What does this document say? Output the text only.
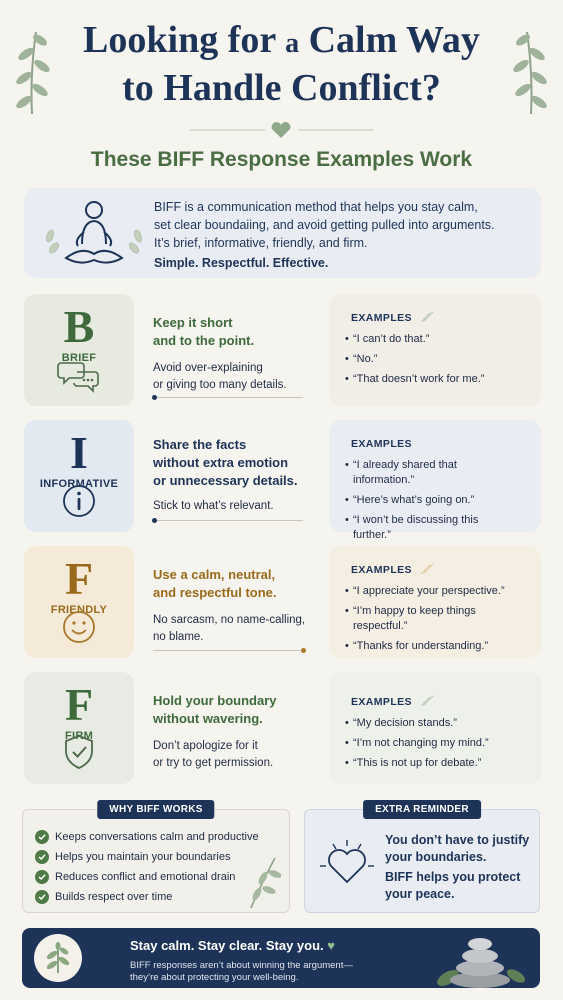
Looking for a Calm Way
to Handle Conflict?
These BIFF Response Examples Work
BIFF is a communication method that helps you stay calm,
set clear boundaiing, and avoid getting pulled into arguments.
It’s brief, informative, friendly, and firm.
Simple. Respectful. Effective.
B
BRIEF
Keep it short
and to the point.
Avoid over-explaining
or giving too many details.
EXAMPLES
• “I can’t do that.”
• “No.”
• “That doesn’t work for me.”
I
INFORMATIVE
Share the facts
without extra emotion
or unnecessary details.
Stick to what’s relevant.
EXAMPLES
• “I already shared that information.”
• “Here’s what’s going on.”
• “I won’t be discussing this further.”
F
FRIENDLY
Use a calm, neutral,
and respectful tone.
No sarcasm, no name-calling,
no blame.
EXAMPLES
• “I appreciate your perspective.”
• “I’m happy to keep things respectful.”
• “Thanks for understanding.”
F
FIRM
Hold your boundary
without wavering.
Don’t apologize for it
or try to get permission.
EXAMPLES
• “My decision stands.”
• “I’m not changing my mind.”
• “This is not up for debate.”
WHY BIFF WORKS
Keeps conversations calm and productive
Helps you maintain your boundaries
Reduces conflict and emotional drain
Builds respect over time
EXTRA REMINDER
You don’t have to justify
your boundaries.
BIFF helps you protect
your peace.
Stay calm. Stay clear. Stay you. ♥
BIFF responses aren’t about winning the argument—
they’re about protecting your well-being.
